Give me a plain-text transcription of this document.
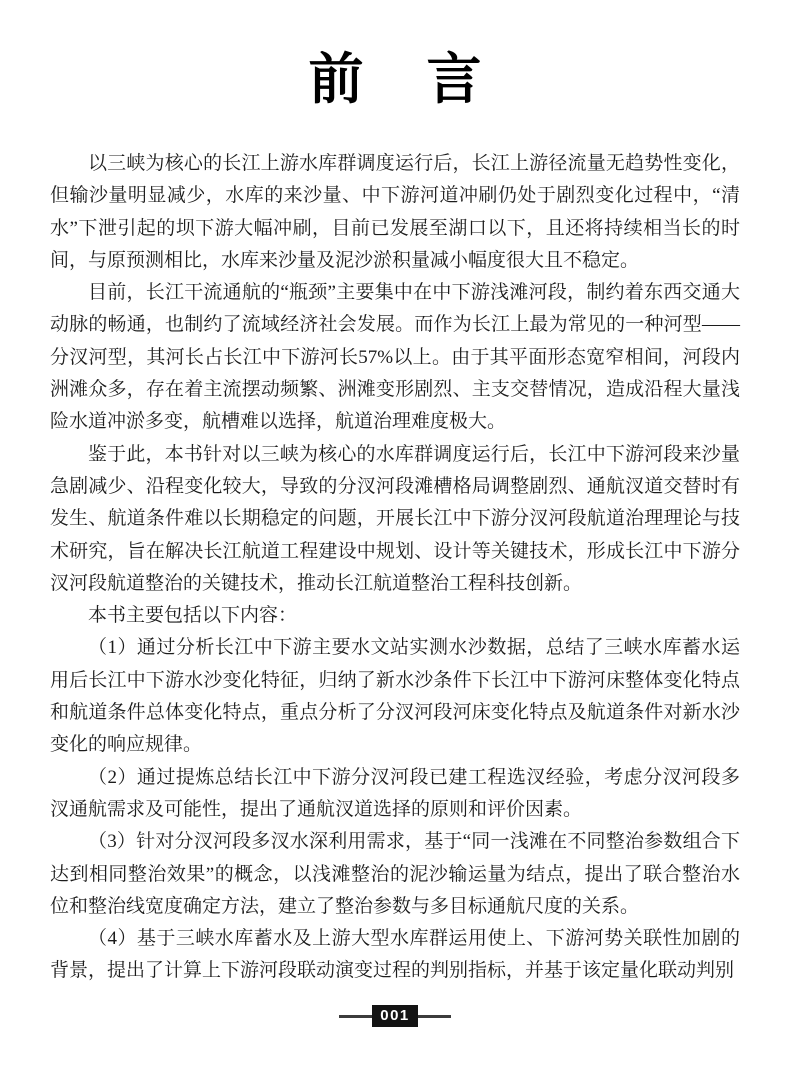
前 言

以三峡为核心的长江上游水库群调度运行后，长江上游径流量无趋势性变化，但输沙量明显减少，水库的来沙量、中下游河道冲刷仍处于剧烈变化过程中，“清水”下泄引起的坝下游大幅冲刷，目前已发展至湖口以下，且还将持续相当长的时间，与原预测相比，水库来沙量及泥沙淤积量减小幅度很大且不稳定。

目前，长江干流通航的“瓶颈”主要集中在中下游浅滩河段，制约着东西交通大动脉的畅通，也制约了流域经济社会发展。而作为长江上最为常见的一种河型——分汊河型，其河长占长江中下游河长57%以上。由于其平面形态宽窄相间，河段内洲滩众多，存在着主流摆动频繁、洲滩变形剧烈、主支交替情况，造成沿程大量浅险水道冲淤多变，航槽难以选择，航道治理难度极大。

鉴于此，本书针对以三峡为核心的水库群调度运行后，长江中下游河段来沙量急剧减少、沿程变化较大，导致的分汊河段滩槽格局调整剧烈、通航汊道交替时有发生、航道条件难以长期稳定的问题，开展长江中下游分汊河段航道治理理论与技术研究，旨在解决长江航道工程建设中规划、设计等关键技术，形成长江中下游分汊河段航道整治的关键技术，推动长江航道整治工程科技创新。

本书主要包括以下内容：

（1）通过分析长江中下游主要水文站实测水沙数据，总结了三峡水库蓄水运用后长江中下游水沙变化特征，归纳了新水沙条件下长江中下游河床整体变化特点和航道条件总体变化特点，重点分析了分汊河段河床变化特点及航道条件对新水沙变化的响应规律。

（2）通过提炼总结长江中下游分汊河段已建工程选汊经验，考虑分汊河段多汊通航需求及可能性，提出了通航汊道选择的原则和评价因素。

（3）针对分汊河段多汊水深利用需求，基于“同一浅滩在不同整治参数组合下达到相同整治效果”的概念，以浅滩整治的泥沙输运量为结点，提出了联合整治水位和整治线宽度确定方法，建立了整治参数与多目标通航尺度的关系。

（4）基于三峡水库蓄水及上游大型水库群运用使上、下游河势关联性加剧的背景，提出了计算上下游河段联动演变过程的判别指标，并基于该定量化联动判别

001
